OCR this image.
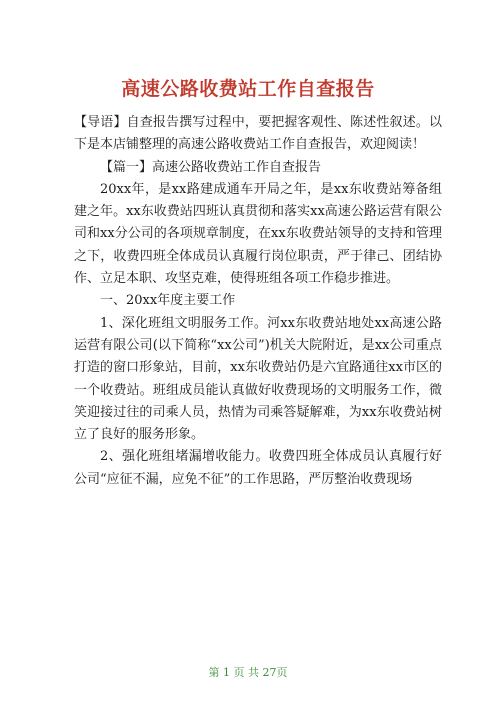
高速公路收费站工作自查报告

【导语】自查报告撰写过程中，要把握客观性、陈述性叙述。以下是本店铺整理的高速公路收费站工作自查报告，欢迎阅读！

【篇一】高速公路收费站工作自查报告

20xx年，是xx路建成通车开局之年，是xx东收费站筹备组建之年。xx东收费站四班认真贯彻和落实xx高速公路运营有限公司和xx分公司的各项规章制度，在xx东收费站领导的支持和管理之下，收费四班全体成员认真履行岗位职责，严于律己、团结协作、立足本职、攻坚克难，使得班组各项工作稳步推进。

一、20xx年度主要工作

1、深化班组文明服务工作。河xx东收费站地处xx高速公路运营有限公司(以下简称“xx公司”)机关大院附近，是xx公司重点打造的窗口形象站，目前，xx东收费站仍是六宜路通往xx市区的一个收费站。班组成员能认真做好收费现场的文明服务工作，微笑迎接过往的司乘人员，热情为司乘答疑解难，为xx东收费站树立了良好的服务形象。

2、强化班组堵漏增收能力。收费四班全体成员认真履行好公司“应征不漏，应免不征”的工作思路，严厉整治收费现场

第 1 页 共 27页
